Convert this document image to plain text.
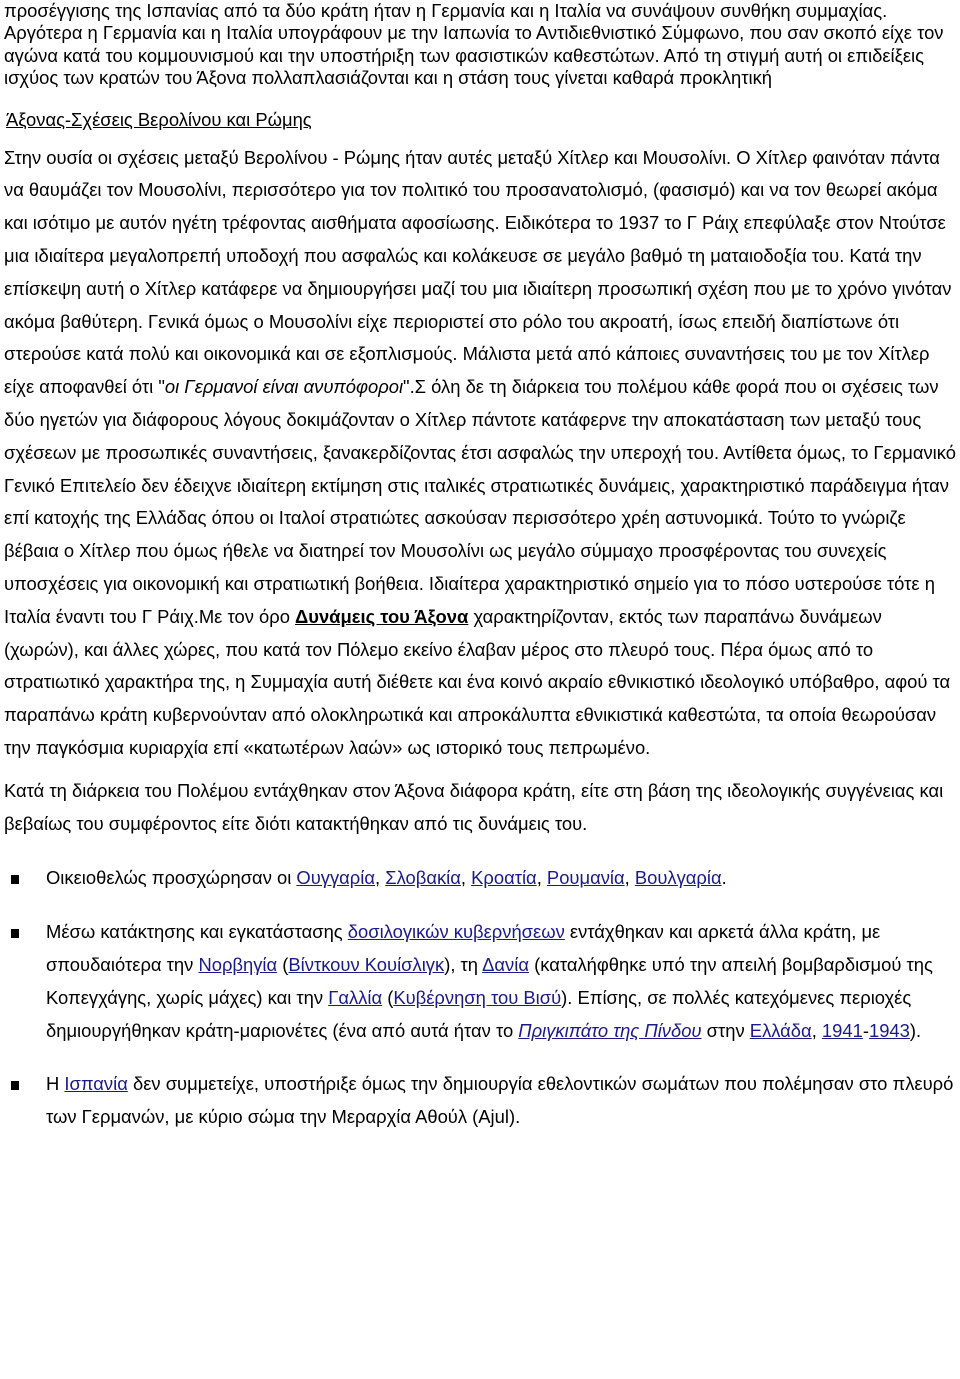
προσέγγισης της Ισπανίας από τα δύο κράτη ήταν η Γερμανία και η Ιταλία να συνάψουν συνθήκη συμμαχίας. Αργότερα η Γερμανία και η Ιταλία υπογράφουν με την Ιαπωνία το Αντιδιεθνιστικό Σύμφωνο, που σαν σκοπό είχε τον αγώνα κατά του κομμουνισμού και την υποστήριξη των φασιστικών καθεστώτων. Από τη στιγμή αυτή οι επιδείξεις ισχύος των κρατών του Άξονα πολλαπλασιάζονται και η στάση τους γίνεται καθαρά προκλητική

Άξονας-Σχέσεις Βερολίνου και Ρώμης

Στην ουσία οι σχέσεις μεταξύ Βερολίνου - Ρώμης ήταν αυτές μεταξύ Χίτλερ και Μουσολίνι. Ο Χίτλερ φαινόταν πάντα να θαυμάζει τον Μουσολίνι, περισσότερο για τον πολιτικό του προσανατολισμό, (φασισμό) και να τον θεωρεί ακόμα και ισότιμο με αυτόν ηγέτη τρέφοντας αισθήματα αφοσίωσης. Ειδικότερα το 1937 το Γ Ράιχ επεφύλαξε στον Ντούτσε μια ιδιαίτερα μεγαλοπρεπή υποδοχή που ασφαλώς και κολάκευσε σε μεγάλο βαθμό τη ματαιοδοξία του. Κατά την επίσκεψη αυτή ο Χίτλερ κατάφερε να δημιουργήσει μαζί του μια ιδιαίτερη προσωπική σχέση που με το χρόνο γινόταν ακόμα βαθύτερη. Γενικά όμως ο Μουσολίνι είχε περιοριστεί στο ρόλο του ακροατή, ίσως επειδή διαπίστωνε ότι στερούσε κατά πολύ και οικονομικά και σε εξοπλισμούς. Μάλιστα μετά από κάποιες συναντήσεις του με τον Χίτλερ είχε αποφανθεί ότι "οι Γερμανοί είναι ανυπόφοροι".Σ όλη δε τη διάρκεια του πολέμου κάθε φορά που οι σχέσεις των δύο ηγετών για διάφορους λόγους δοκιμάζονταν ο Χίτλερ πάντοτε κατάφερνε την αποκατάσταση των μεταξύ τους σχέσεων με προσωπικές συναντήσεις, ξανακερδίζοντας έτσι ασφαλώς την υπεροχή του. Αντίθετα όμως, το Γερμανικό Γενικό Επιτελείο δεν έδειχνε ιδιαίτερη εκτίμηση στις ιταλικές στρατιωτικές δυνάμεις, χαρακτηριστικό παράδειγμα ήταν επί κατοχής της Ελλάδας όπου οι Ιταλοί στρατιώτες ασκούσαν περισσότερο χρέη αστυνομικά. Τούτο το γνώριζε βέβαια ο Χίτλερ που όμως ήθελε να διατηρεί τον Μουσολίνι ως μεγάλο σύμμαχο προσφέροντας του συνεχείς υποσχέσεις για οικονομική και στρατιωτική βοήθεια. Ιδιαίτερα χαρακτηριστικό σημείο για το πόσο υστερούσε τότε η Ιταλία έναντι του Γ Ράιχ.Με τον όρο Δυνάμεις του Άξονα χαρακτηρίζονταν, εκτός των παραπάνω δυνάμεων (χωρών), και άλλες χώρες, που κατά τον Πόλεμο εκείνο έλαβαν μέρος στο πλευρό τους. Πέρα όμως από το στρατιωτικό χαρακτήρα της, η Συμμαχία αυτή διέθετε και ένα κοινό ακραίο εθνικιστικό ιδεολογικό υπόβαθρο, αφού τα παραπάνω κράτη κυβερνούνταν από ολοκληρωτικά και απροκάλυπτα εθνικιστικά καθεστώτα, τα οποία θεωρούσαν την παγκόσμια κυριαρχία επί «κατωτέρων λαών» ως ιστορικό τους πεπρωμένο.

Κατά τη διάρκεια του Πολέμου εντάχθηκαν στον Άξονα διάφορα κράτη, είτε στη βάση της ιδεολογικής συγγένειας και βεβαίως του συμφέροντος είτε διότι κατακτήθηκαν από τις δυνάμεις του.

Οικειοθελώς προσχώρησαν οι Ουγγαρία, Σλοβακία, Κροατία, Ρουμανία, Βουλγαρία.

Μέσω κατάκτησης και εγκατάστασης δοσιλογικών κυβερνήσεων εντάχθηκαν και αρκετά άλλα κράτη, με σπουδαιότερα την Νορβηγία (Βίντκουν Κουίσλιγκ), τη Δανία (καταλήφθηκε υπό την απειλή βομβαρδισμού της Κοπεγχάγης, χωρίς μάχες) και την Γαλλία (Κυβέρνηση του Βισύ). Επίσης, σε πολλές κατεχόμενες περιοχές δημιουργήθηκαν κράτη-μαριονέτες (ένα από αυτά ήταν το Πριγκιπάτο της Πίνδου στην Ελλάδα, 1941-1943).

Η Ισπανία δεν συμμετείχε, υποστήριξε όμως την δημιουργία εθελοντικών σωμάτων που πολέμησαν στο πλευρό των Γερμανών, με κύριο σώμα την Μεραρχία Αθούλ (Ajul).
